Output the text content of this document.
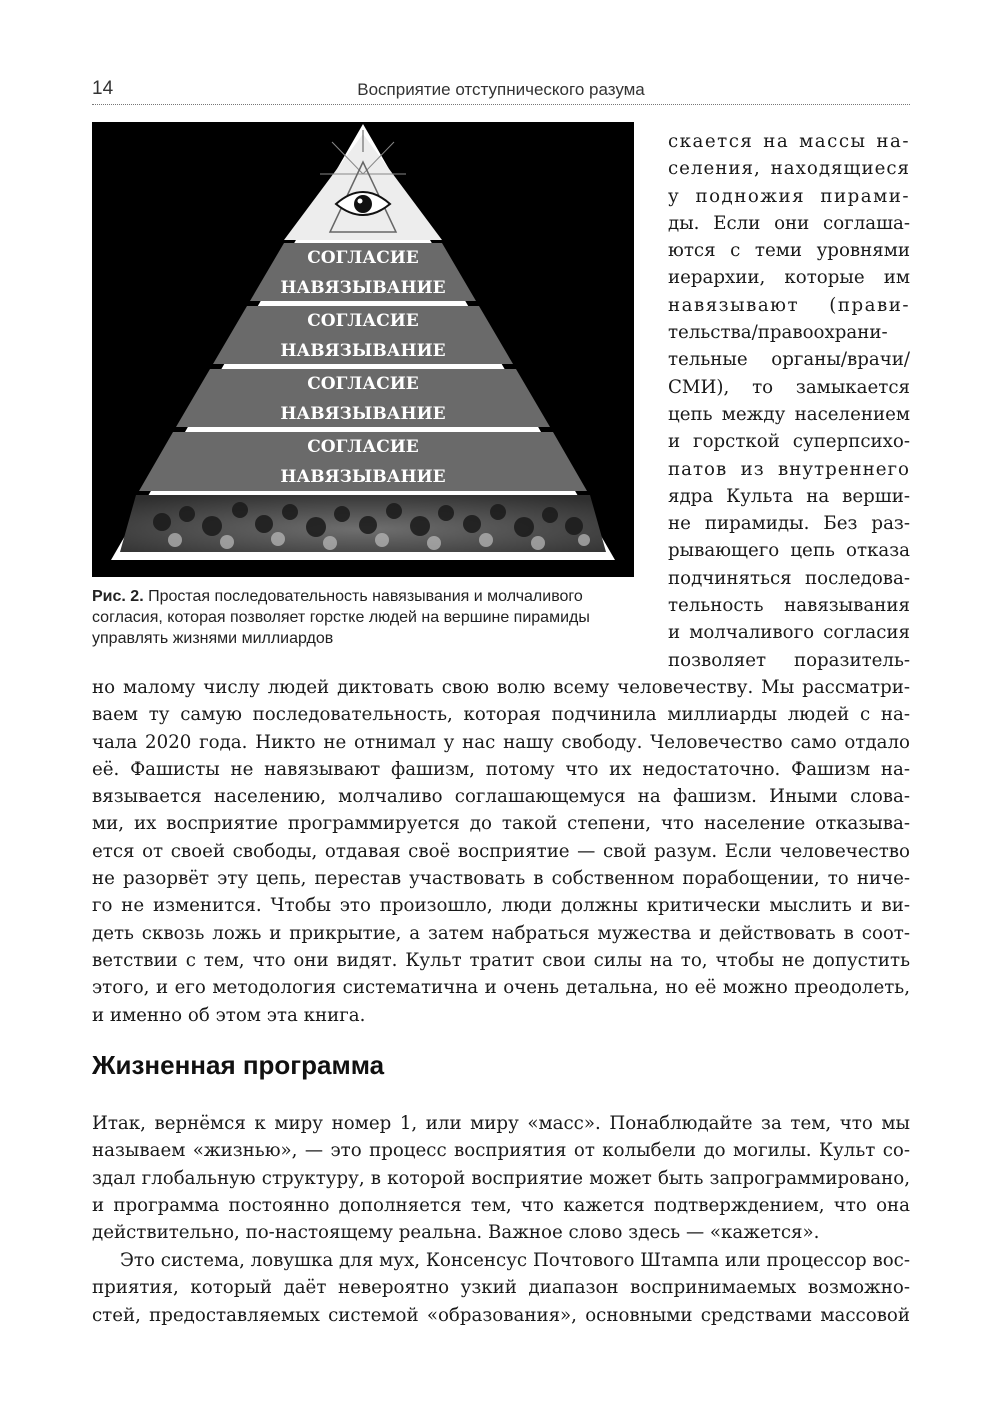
14	Восприятие отступнического разума
СОГЛАСИЕ
НАВЯЗЫВАНИЕ
СОГЛАСИЕ
НАВЯЗЫВАНИЕ
СОГЛАСИЕ
НАВЯЗЫВАНИЕ
СОГЛАСИЕ
НАВЯЗЫВАНИЕ
Рис. 2. Простая последовательность навязывания и молчаливого согласия, которая позволяет горстке людей на вершине пирамиды управлять жизнями миллиардов
скается на массы на-
селения, находящиеся
у подножия пирами-
ды. Если они соглаша-
ются с теми уровнями
иерархии, которые им
навязывают (прави-
тельства/правоохрани-
тельные органы/врачи/
СМИ), то замыкается
цепь между населением
и горсткой суперпсихо-
патов из внутреннего
ядра Культа на верши-
не пирамиды. Без раз-
рывающего цепь отказа
подчиняться последова-
тельность навязывания
и молчаливого согласия
позволяет поразитель-
но малому числу людей диктовать свою волю всему человечеству. Мы рассматри-
ваем ту самую последовательность, которая подчинила миллиарды людей с на-
чала 2020 года. Никто не отнимал у нас нашу свободу. Человечество само отдало
её. Фашисты не навязывают фашизм, потому что их недостаточно. Фашизм на-
вязывается населению, молчаливо соглашающемуся на фашизм. Иными слова-
ми, их восприятие программируется до такой степени, что население отказыва-
ется от своей свободы, отдавая своё восприятие — свой разум. Если человечество
не разорвёт эту цепь, перестав участвовать в собственном порабощении, то ниче-
го не изменится. Чтобы это произошло, люди должны критически мыслить и ви-
деть сквозь ложь и прикрытие, а затем набраться мужества и действовать в соот-
ветствии с тем, что они видят. Культ тратит свои силы на то, чтобы не допустить
этого, и его методология систематична и очень детальна, но её можно преодолеть,
и именно об этом эта книга.
Жизненная программа
Итак, вернёмся к миру номер 1, или миру «масс». Понаблюдайте за тем, что мы
называем «жизнью», — это процесс восприятия от колыбели до могилы. Культ со-
здал глобальную структуру, в которой восприятие может быть запрограммировано,
и программа постоянно дополняется тем, что кажется подтверждением, что она
действительно, по-настоящему реальна. Важное слово здесь — «кажется».
Это система, ловушка для мух, Консенсус Почтового Штампа или процессор вос-
приятия, который даёт невероятно узкий диапазон воспринимаемых возможно-
стей, предоставляемых системой «образования», основными средствами массовой
